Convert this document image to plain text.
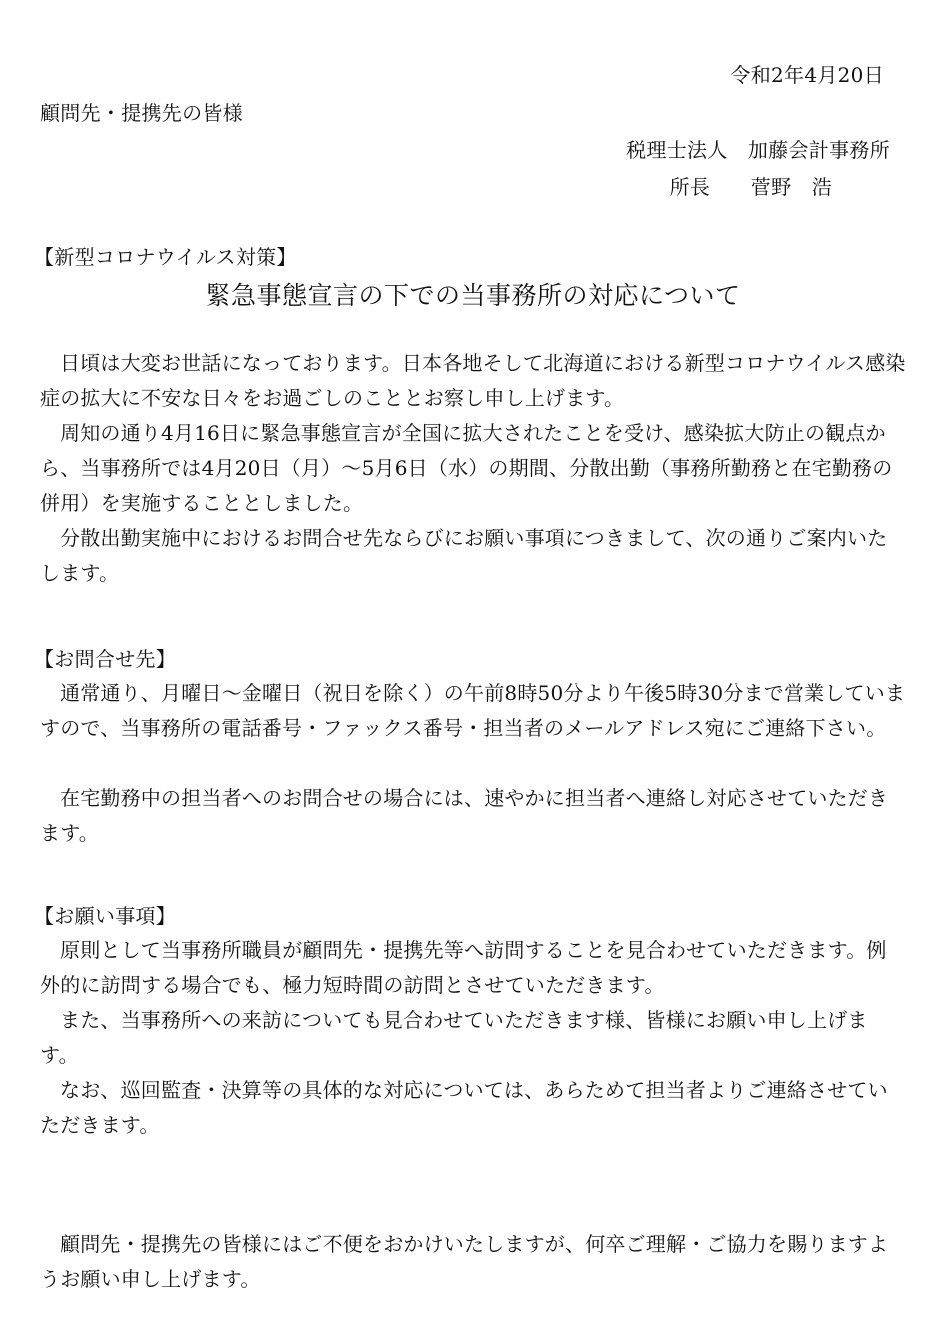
令和2年4月20日
顧問先・提携先の皆様
税理士法人　加藤会計事務所
所長　　菅野　浩
【新型コロナウイルス対策】
緊急事態宣言の下での当事務所の対応について
日頃は大変お世話になっております。日本各地そして北海道における新型コロナウイルス感染症の拡大に不安な日々をお過ごしのこととお察し申し上げます。
周知の通り4月16日に緊急事態宣言が全国に拡大されたことを受け、感染拡大防止の観点から、当事務所では4月20日（月）～5月6日（水）の期間、分散出勤（事務所勤務と在宅勤務の併用）を実施することとしました。
分散出勤実施中におけるお問合せ先ならびにお願い事項につきまして、次の通りご案内いたします。
【お問合せ先】
通常通り、月曜日～金曜日（祝日を除く）の午前8時50分より午後5時30分まで営業していますので、当事務所の電話番号・ファックス番号・担当者のメールアドレス宛にご連絡下さい。
在宅勤務中の担当者へのお問合せの場合には、速やかに担当者へ連絡し対応させていただきます。
【お願い事項】
原則として当事務所職員が顧問先・提携先等へ訪問することを見合わせていただきます。例外的に訪問する場合でも、極力短時間の訪問とさせていただきます。
また、当事務所への来訪についても見合わせていただきます様、皆様にお願い申し上げます。
なお、巡回監査・決算等の具体的な対応については、あらためて担当者よりご連絡させていただきます。
顧問先・提携先の皆様にはご不便をおかけいたしますが、何卒ご理解・ご協力を賜りますようお願い申し上げます。
